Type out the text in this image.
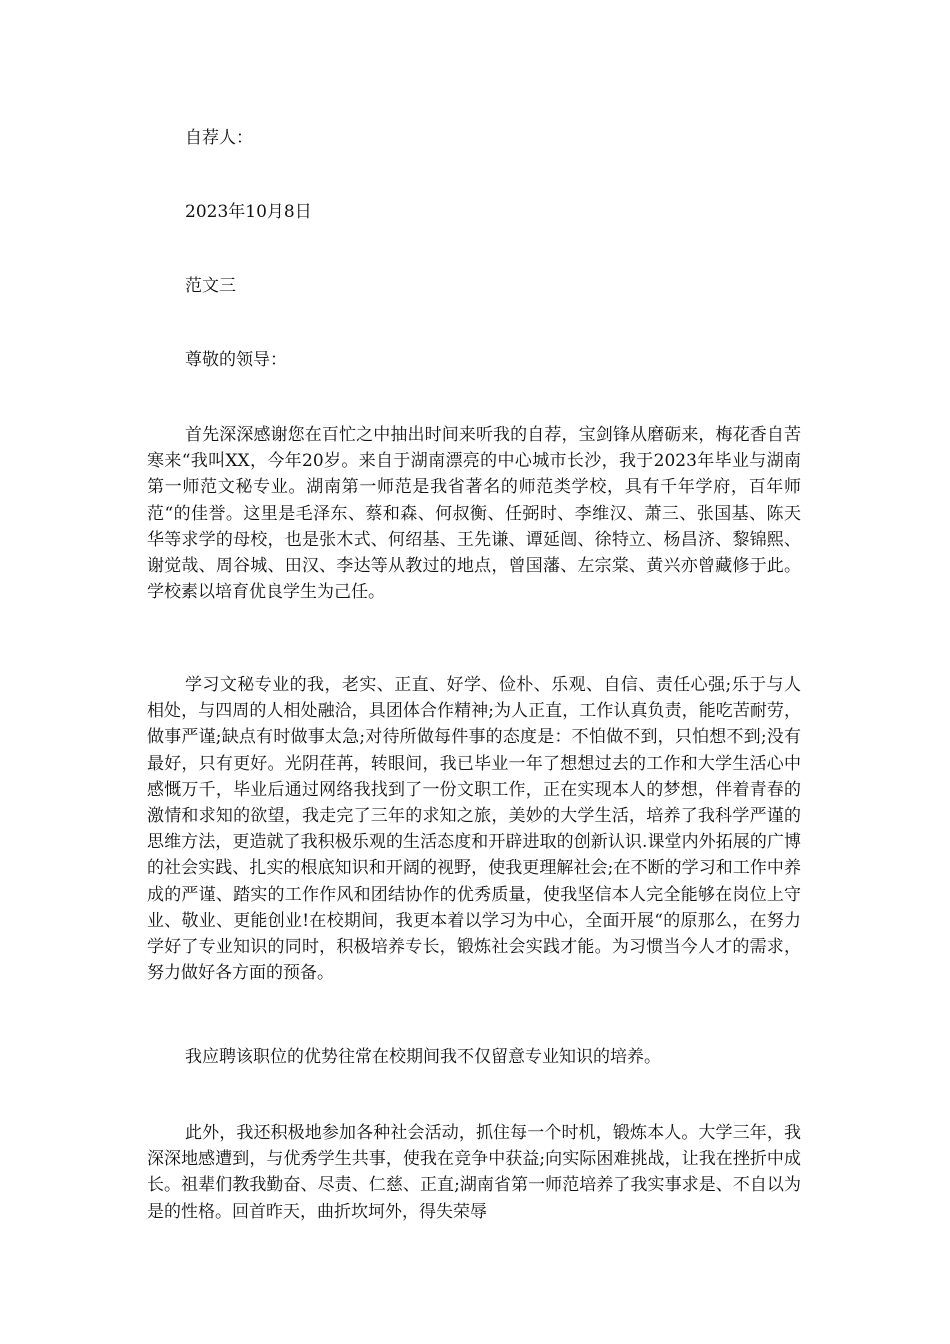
自荐人：
2023年10月8日
范文三
尊敬的领导：

首先深深感谢您在百忙之中抽出时间来听我的自荐，宝剑锋从磨砺来，梅花香自苦寒来“我叫XX，今年20岁。来自于湖南漂亮的中心城市长沙，我于2023年毕业与湖南第一师范文秘专业。湖南第一师范是我省著名的师范类学校，具有千年学府，百年师范“的佳誉。这里是毛泽东、蔡和森、何叔衡、任弼时、李维汉、萧三、张国基、陈天华等求学的母校，也是张木式、何绍基、王先谦、谭延闿、徐特立、杨昌济、黎锦熙、谢觉哉、周谷城、田汉、李达等从教过的地点，曾国藩、左宗棠、黄兴亦曾藏修于此。学校素以培育优良学生为己任。

学习文秘专业的我，老实、正直、好学、俭朴、乐观、自信、责任心强;乐于与人相处，与四周的人相处融洽，具团体合作精神;为人正直，工作认真负责，能吃苦耐劳，做事严谨;缺点有时做事太急;对待所做每件事的态度是：不怕做不到，只怕想不到;没有最好，只有更好。光阴荏苒，转眼间，我已毕业一年了想想过去的工作和大学生活心中感慨万千，毕业后通过网络我找到了一份文职工作，正在实现本人的梦想，伴着青春的激情和求知的欲望，我走完了三年的求知之旅，美妙的大学生活，培养了我科学严谨的思维方法，更造就了我积极乐观的生活态度和开辟进取的创新认识.课堂内外拓展的广博的社会实践、扎实的根底知识和开阔的视野，使我更理解社会;在不断的学习和工作中养成的严谨、踏实的工作作风和团结协作的优秀质量，使我坚信本人完全能够在岗位上守业、敬业、更能创业!在校期间，我更本着以学习为中心，全面开展“的原那么，在努力学好了专业知识的同时，积极培养专长，锻炼社会实践才能。为习惯当今人才的需求，努力做好各方面的预备。

我应聘该职位的优势往常在校期间我不仅留意专业知识的培养。

此外，我还积极地参加各种社会活动，抓住每一个时机，锻炼本人。大学三年，我深深地感遭到，与优秀学生共事，使我在竞争中获益;向实际困难挑战，让我在挫折中成长。祖辈们教我勤奋、尽责、仁慈、正直;湖南省第一师范培养了我实事求是、不自以为是的性格。回首昨天，曲折坎坷外，得失荣辱
